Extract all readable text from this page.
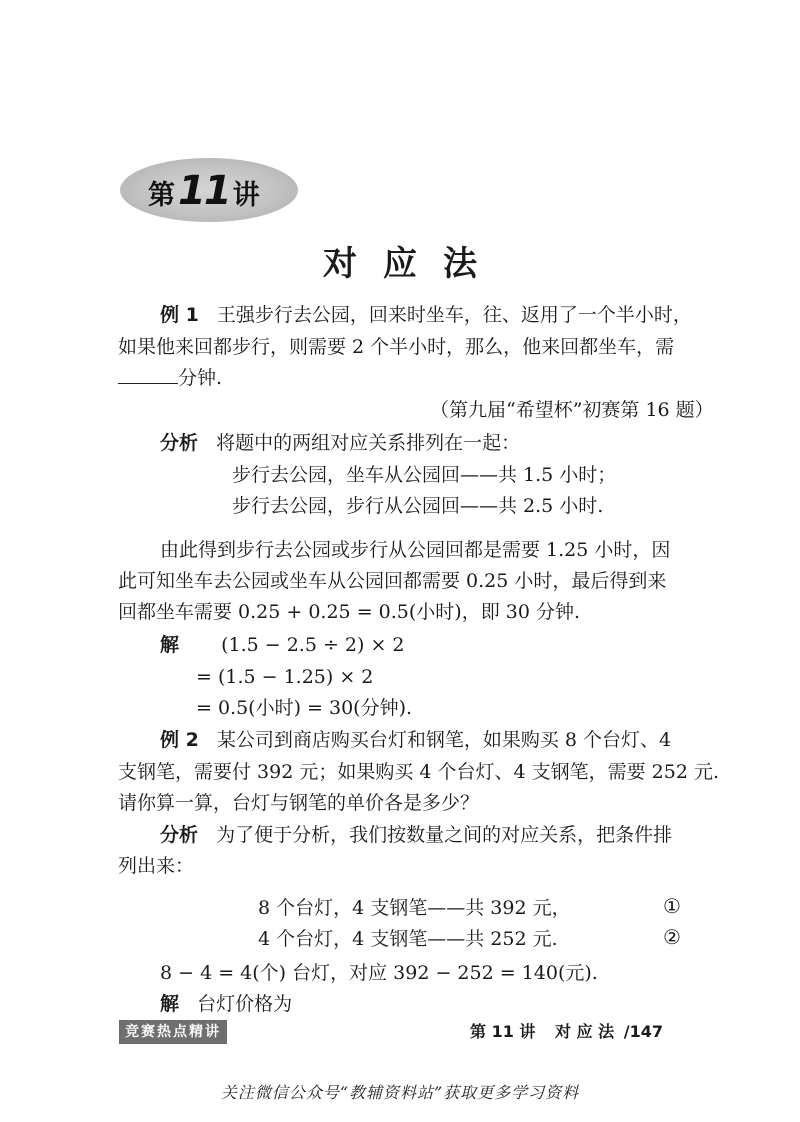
第 11 讲
对应法
例 1 王强步行去公园，回来时坐车，往、返用了一个半小时，
如果他来回都步行，则需要 2 个半小时，那么，他来回都坐车，需
分钟.
（第九届“希望杯”初赛第 16 题）
分析 将题中的两组对应关系排列在一起：
步行去公园，坐车从公园回——共 1.5 小时；
步行去公园，步行从公园回——共 2.5 小时.
由此得到步行去公园或步行从公园回都是需要 1.25 小时，因
此可知坐车去公园或坐车从公园回都需要 0.25 小时，最后得到来
回都坐车需要 0.25 + 0.25 = 0.5(小时)，即 30 分钟.
解 (1.5 − 2.5 ÷ 2) × 2
= (1.5 − 1.25) × 2
= 0.5(小时) = 30(分钟).
例 2 某公司到商店购买台灯和钢笔，如果购买 8 个台灯、4
支钢笔，需要付 392 元；如果购买 4 个台灯、4 支钢笔，需要 252 元.
请你算一算，台灯与钢笔的单价各是多少？
分析 为了便于分析，我们按数量之间的对应关系，把条件排
列出来：
8 个台灯，4 支钢笔——共 392 元，	①
4 个台灯，4 支钢笔——共 252 元.	②
8 − 4 = 4(个) 台灯，对应 392 − 252 = 140(元).
解 台灯价格为
竞赛热点精讲	第 11 讲 对 应 法 /147
关注微信公众号“教辅资料站”获取更多学习资料
